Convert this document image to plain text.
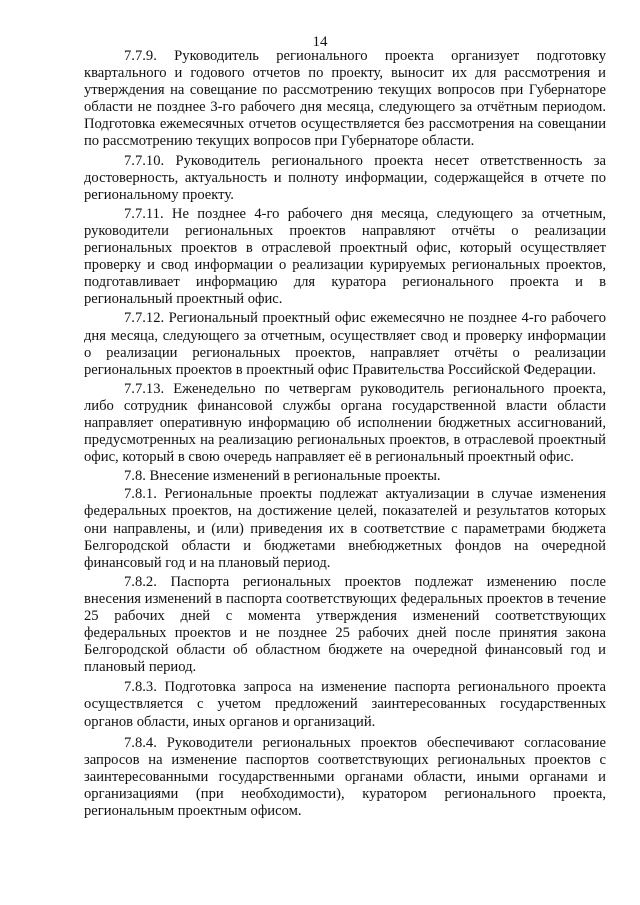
14

7.7.9. Руководитель регионального проекта организует подготовку квартального и годового отчетов по проекту, выносит их для рассмотрения и утверждения на совещание по рассмотрению текущих вопросов при Губернаторе области не позднее 3-го рабочего дня месяца, следующего за отчётным периодом. Подготовка ежемесячных отчетов осуществляется без рассмотрения на совещании по рассмотрению текущих вопросов при Губернаторе области.

7.7.10. Руководитель регионального проекта несет ответственность за достоверность, актуальность и полноту информации, содержащейся в отчете по региональному проекту.

7.7.11. Не позднее 4-го рабочего дня месяца, следующего за отчетным, руководители региональных проектов направляют отчёты о реализации региональных проектов в отраслевой проектный офис, который осуществляет проверку и свод информации о реализации курируемых региональных проектов, подготавливает информацию для куратора регионального проекта и в региональный проектный офис.

7.7.12. Региональный проектный офис ежемесячно не позднее 4-го рабочего дня месяца, следующего за отчетным, осуществляет свод и проверку информации о реализации региональных проектов, направляет отчёты о реализации региональных проектов в проектный офис Правительства Российской Федерации.

7.7.13. Еженедельно по четвергам руководитель регионального проекта, либо сотрудник финансовой службы органа государственной власти области направляет оперативную информацию об исполнении бюджетных ассигнований, предусмотренных на реализацию региональных проектов, в отраслевой проектный офис, который в свою очередь направляет её в региональный проектный офис.

7.8. Внесение изменений в региональные проекты.

7.8.1. Региональные проекты подлежат актуализации в случае изменения федеральных проектов, на достижение целей, показателей и результатов которых они направлены, и (или) приведения их в соответствие с параметрами бюджета Белгородской области и бюджетами внебюджетных фондов на очередной финансовый год и на плановый период.

7.8.2. Паспорта региональных проектов подлежат изменению после внесения изменений в паспорта соответствующих федеральных проектов в течение 25 рабочих дней с момента утверждения изменений соответствующих федеральных проектов и не позднее 25 рабочих дней после принятия закона Белгородской области об областном бюджете на очередной финансовый год и плановый период.

7.8.3. Подготовка запроса на изменение паспорта регионального проекта осуществляется с учетом предложений заинтересованных государственных органов области, иных органов и организаций.

7.8.4. Руководители региональных проектов обеспечивают согласование запросов на изменение паспортов соответствующих региональных проектов с заинтересованными государственными органами области, иными органами и организациями (при необходимости), куратором регионального проекта, региональным проектным офисом.
